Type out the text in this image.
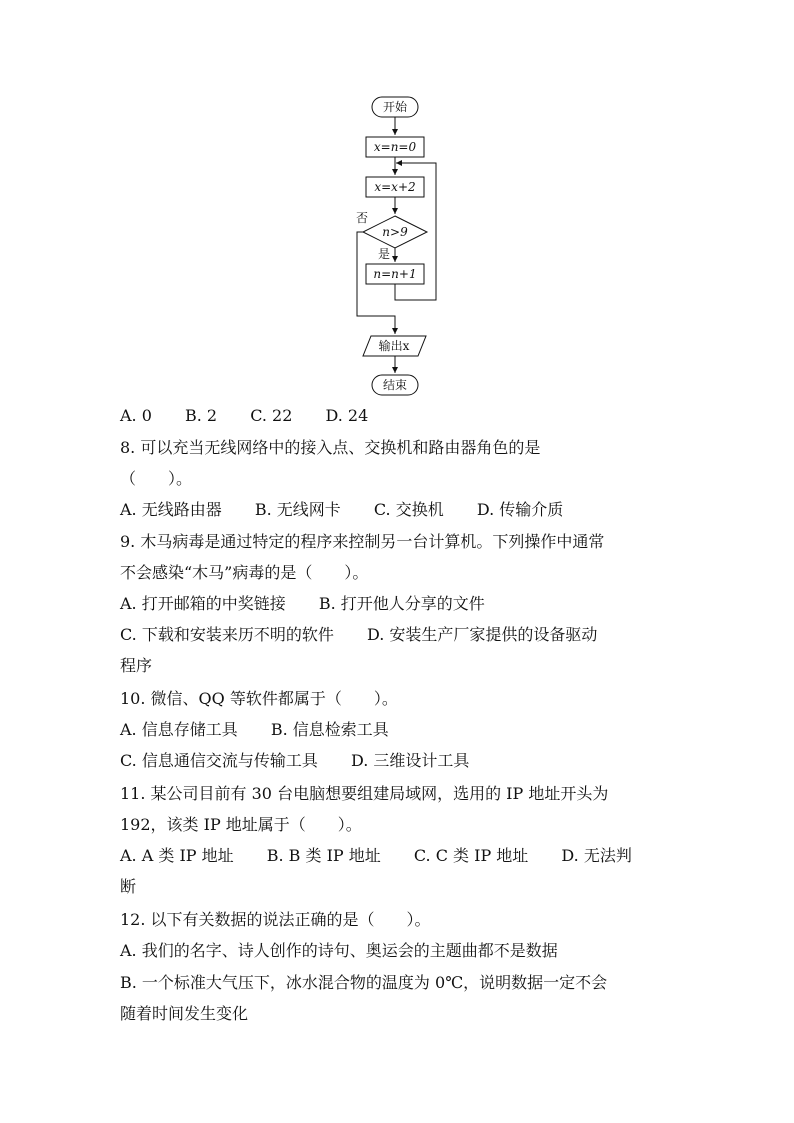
开始
x=n=0
x=x+2
n>9
否
是
n=n+1
输出x
结束
A. 0 B. 2 C. 22 D. 24
8. 可以充当无线网络中的接入点、交换机和路由器角色的是
（　　）。
A. 无线路由器 B. 无线网卡 C. 交换机 D. 传输介质
9. 木马病毒是通过特定的程序来控制另一台计算机。下列操作中通常
不会感染“木马”病毒的是（　　）。
A. 打开邮箱的中奖链接 B. 打开他人分享的文件
C. 下载和安装来历不明的软件 D. 安装生产厂家提供的设备驱动
程序
10. 微信、QQ 等软件都属于（　　）。
A. 信息存储工具 B. 信息检索工具
C. 信息通信交流与传输工具 D. 三维设计工具
11. 某公司目前有 30 台电脑想要组建局域网，选用的 IP 地址开头为
192，该类 IP 地址属于（　　）。
A. A 类 IP 地址 B. B 类 IP 地址 C. C 类 IP 地址 D. 无法判
断
12. 以下有关数据的说法正确的是（　　）。
A. 我们的名字、诗人创作的诗句、奥运会的主题曲都不是数据
B. 一个标准大气压下，冰水混合物的温度为 0℃，说明数据一定不会
随着时间发生变化
